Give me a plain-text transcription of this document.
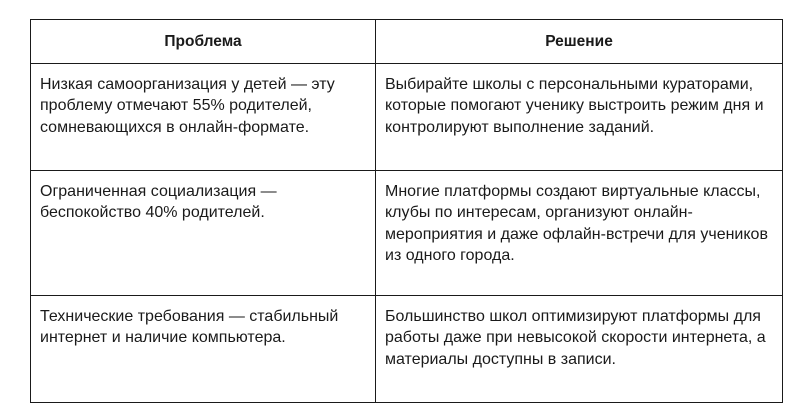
Проблема	Решение
Низкая самоорганизация у детей — эту проблему отмечают 55% родителей, сомневающихся в онлайн-формате.	Выбирайте школы с персональными кураторами, которые помогают ученику выстроить режим дня и контролируют выполнение заданий.
Ограниченная социализация — беспокойство 40% родителей.	Многие платформы создают виртуальные классы, клубы по интересам, организуют онлайн-мероприятия и даже офлайн-встречи для учеников из одного города.
Технические требования — стабильный интернет и наличие компьютера.	Большинство школ оптимизируют платформы для работы даже при невысокой скорости интернета, а материалы доступны в записи.
